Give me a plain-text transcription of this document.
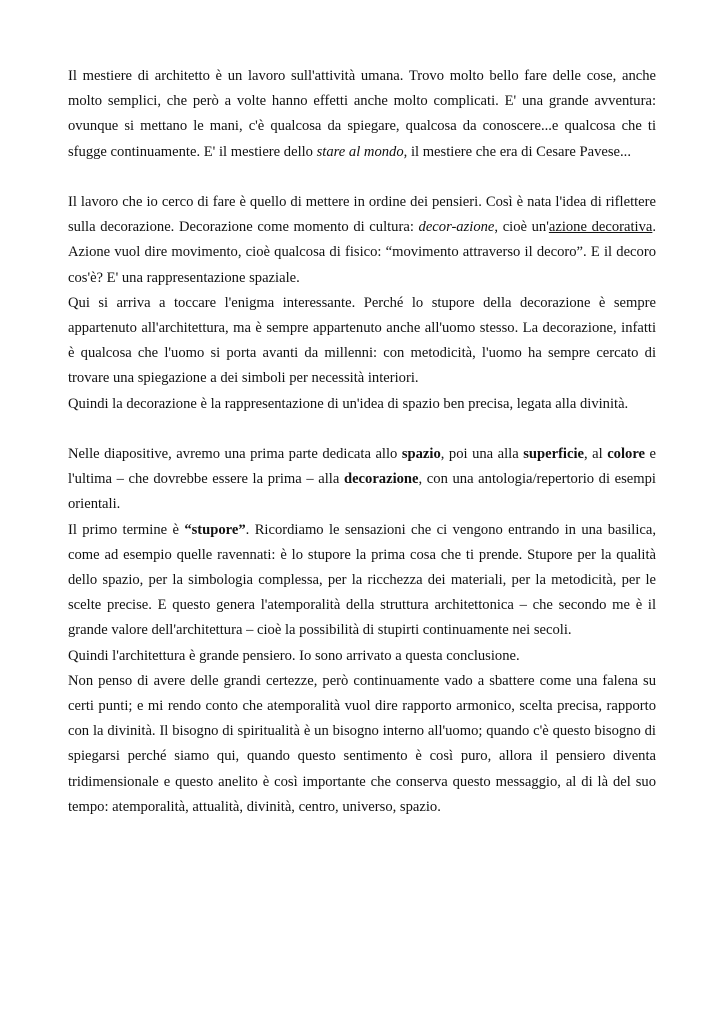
Il mestiere di architetto è un lavoro sull'attività umana. Trovo molto bello fare delle cose, anche molto semplici, che però a volte hanno effetti anche molto complicati. E' una grande avventura: ovunque si mettano le mani, c'è qualcosa da spiegare, qualcosa da conoscere...e qualcosa che ti sfugge continuamente. E' il mestiere dello stare al mondo, il mestiere che era di Cesare Pavese...

Il lavoro che io cerco di fare è quello di mettere in ordine dei pensieri. Così è nata l'idea di riflettere sulla decorazione. Decorazione come momento di cultura: decor-azione, cioè un'azione decorativa. Azione vuol dire movimento, cioè qualcosa di fisico: “movimento attraverso il decoro”. E il decoro cos'è? E' una rappresentazione spaziale.

Qui si arriva a toccare l'enigma interessante. Perché lo stupore della decorazione è sempre appartenuto all'architettura, ma è sempre appartenuto anche all'uomo stesso. La decorazione, infatti è qualcosa che l'uomo si porta avanti da millenni: con metodicità, l'uomo ha sempre cercato di trovare una spiegazione a dei simboli per necessità interiori.

Quindi la decorazione è la rappresentazione di un'idea di spazio ben precisa, legata alla divinità.

Nelle diapositive, avremo una prima parte dedicata allo spazio, poi una alla superficie, al colore e l'ultima – che dovrebbe essere la prima – alla decorazione, con una antologia/repertorio di esempi orientali.

Il primo termine è “stupore”. Ricordiamo le sensazioni che ci vengono entrando in una basilica, come ad esempio quelle ravennati: è lo stupore la prima cosa che ti prende. Stupore per la qualità dello spazio, per la simbologia complessa, per la ricchezza dei materiali, per la metodicità, per le scelte precise. E questo genera l'atemporalità della struttura architettonica – che secondo me è il grande valore dell'architettura – cioè la possibilità di stupirti continuamente nei secoli.

Quindi l'architettura è grande pensiero. Io sono arrivato a questa conclusione.

Non penso di avere delle grandi certezze, però continuamente vado a sbattere come una falena su certi punti; e mi rendo conto che atemporalità vuol dire rapporto armonico, scelta precisa, rapporto con la divinità. Il bisogno di spiritualità è un bisogno interno all'uomo; quando c'è questo bisogno di spiegarsi perché siamo qui, quando questo sentimento è così puro, allora il pensiero diventa tridimensionale e questo anelito è così importante che conserva questo messaggio, al di là del suo tempo: atemporalità, attualità, divinità, centro, universo, spazio.
